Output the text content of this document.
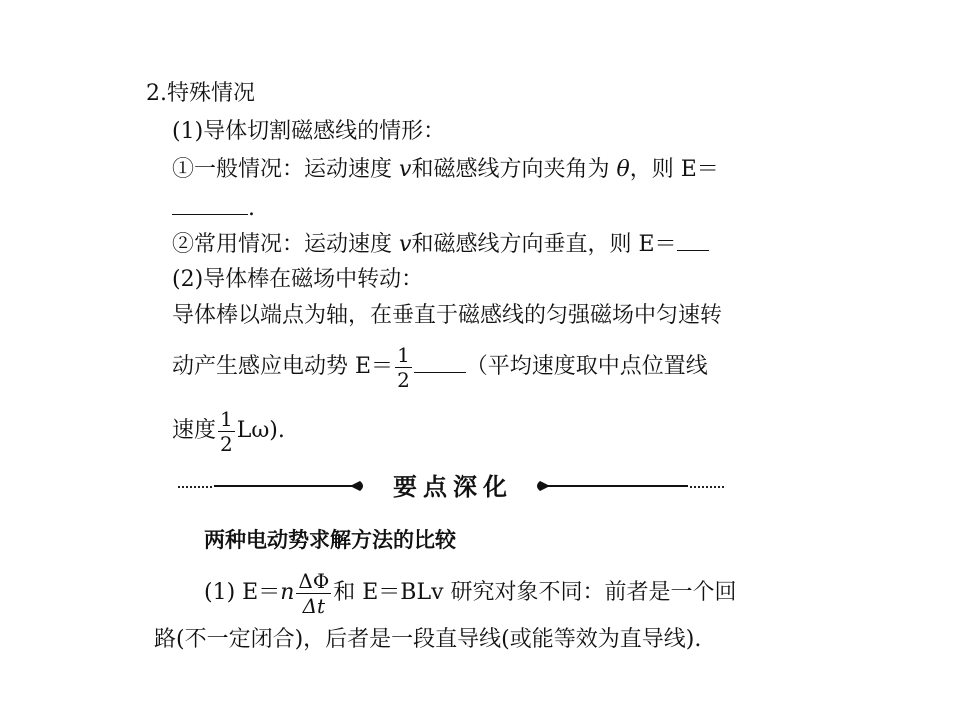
2.特殊情况
(1)导体切割磁感线的情形：
①一般情况：运动速度 v和磁感线方向夹角为 θ，则 E＝
.
②常用情况：运动速度 v和磁感线方向垂直，则 E＝
(2)导体棒在磁场中转动：
导体棒以端点为轴，在垂直于磁感线的匀强磁场中匀速转
动产生感应电动势 $E= \frac{1}{2}$ （平均速度取中点位置线
速度 $\frac{1}{2} L\omega$).
要点深化
两种电动势求解方法的比较
(1) $E=n \frac{\Delta\Phi}{\Delta t}$ 和 E＝BLv 研究对象不同：前者是一个回
路(不一定闭合)，后者是一段直导线(或能等效为直导线).
